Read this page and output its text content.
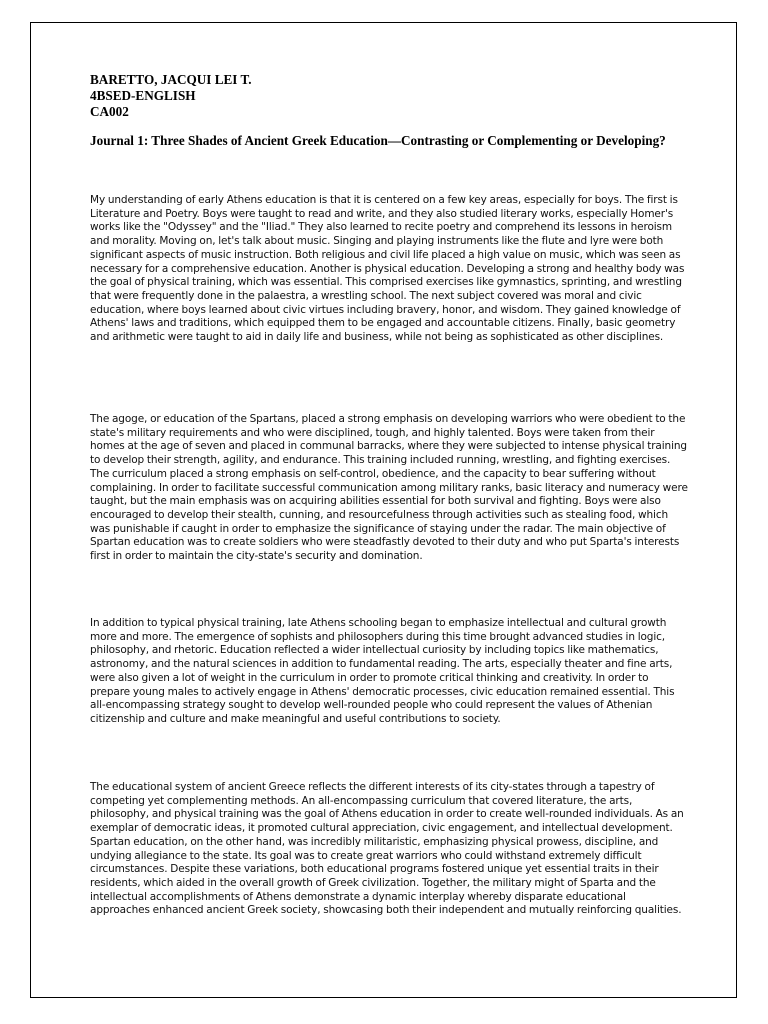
BARETTO, JACQUI LEI T.
4BSED-ENGLISH
CA002
Journal 1: Three Shades of Ancient Greek Education—Contrasting or Complementing or Developing?

My understanding of early Athens education is that it is centered on a few key areas, especially for boys. The first is Literature and Poetry. Boys were taught to read and write, and they also studied literary works, especially Homer's works like the "Odyssey" and the "Iliad." They also learned to recite poetry and comprehend its lessons in heroism and morality. Moving on, let's talk about music. Singing and playing instruments like the flute and lyre were both significant aspects of music instruction. Both religious and civil life placed a high value on music, which was seen as necessary for a comprehensive education. Another is physical education. Developing a strong and healthy body was the goal of physical training, which was essential. This comprised exercises like gymnastics, sprinting, and wrestling that were frequently done in the palaestra, a wrestling school. The next subject covered was moral and civic education, where boys learned about civic virtues including bravery, honor, and wisdom. They gained knowledge of Athens' laws and traditions, which equipped them to be engaged and accountable citizens. Finally, basic geometry and arithmetic were taught to aid in daily life and business, while not being as sophisticated as other disciplines.

The agoge, or education of the Spartans, placed a strong emphasis on developing warriors who were obedient to the state's military requirements and who were disciplined, tough, and highly talented. Boys were taken from their homes at the age of seven and placed in communal barracks, where they were subjected to intense physical training to develop their strength, agility, and endurance. This training included running, wrestling, and fighting exercises. The curriculum placed a strong emphasis on self-control, obedience, and the capacity to bear suffering without complaining. In order to facilitate successful communication among military ranks, basic literacy and numeracy were taught, but the main emphasis was on acquiring abilities essential for both survival and fighting. Boys were also encouraged to develop their stealth, cunning, and resourcefulness through activities such as stealing food, which was punishable if caught in order to emphasize the significance of staying under the radar. The main objective of Spartan education was to create soldiers who were steadfastly devoted to their duty and who put Sparta's interests first in order to maintain the city-state's security and domination.

In addition to typical physical training, late Athens schooling began to emphasize intellectual and cultural growth more and more. The emergence of sophists and philosophers during this time brought advanced studies in logic, philosophy, and rhetoric. Education reflected a wider intellectual curiosity by including topics like mathematics, astronomy, and the natural sciences in addition to fundamental reading. The arts, especially theater and fine arts, were also given a lot of weight in the curriculum in order to promote critical thinking and creativity. In order to prepare young males to actively engage in Athens' democratic processes, civic education remained essential. This all-encompassing strategy sought to develop well-rounded people who could represent the values of Athenian citizenship and culture and make meaningful and useful contributions to society.

The educational system of ancient Greece reflects the different interests of its city-states through a tapestry of competing yet complementing methods. An all-encompassing curriculum that covered literature, the arts, philosophy, and physical training was the goal of Athens education in order to create well-rounded individuals. As an exemplar of democratic ideas, it promoted cultural appreciation, civic engagement, and intellectual development. Spartan education, on the other hand, was incredibly militaristic, emphasizing physical prowess, discipline, and undying allegiance to the state. Its goal was to create great warriors who could withstand extremely difficult circumstances. Despite these variations, both educational programs fostered unique yet essential traits in their residents, which aided in the overall growth of Greek civilization. Together, the military might of Sparta and the intellectual accomplishments of Athens demonstrate a dynamic interplay whereby disparate educational approaches enhanced ancient Greek society, showcasing both their independent and mutually reinforcing qualities.
